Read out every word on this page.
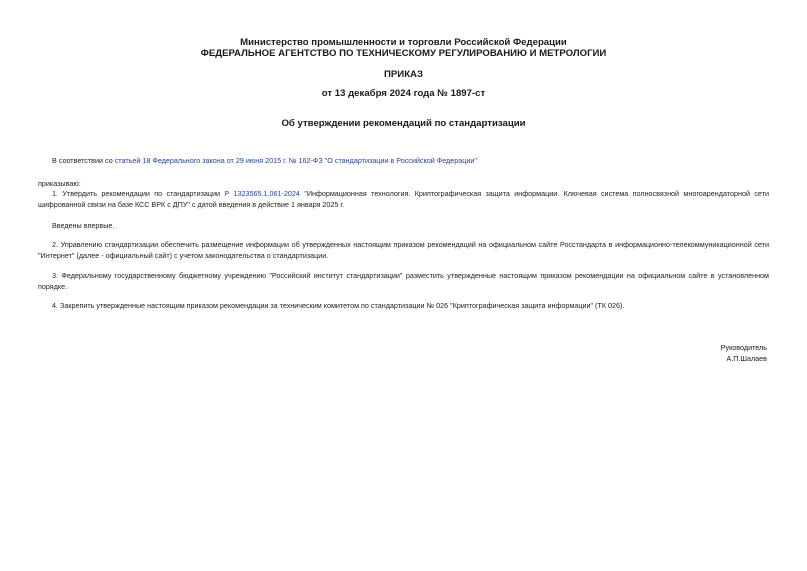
Министерство промышленности и торговли Российской Федерации
ФЕДЕРАЛЬНОЕ АГЕНТСТВО ПО ТЕХНИЧЕСКОМУ РЕГУЛИРОВАНИЮ И МЕТРОЛОГИИ
ПРИКАЗ
от 13 декабря 2024 года № 1897-ст
Об утверждении рекомендаций по стандартизации
В соответствии со статьей 18 Федерального закона от 29 июня 2015 г. № 162-ФЗ "О стандартизации в Российской Федерации"
приказываю:
1. Утвердить рекомендации по стандартизации Р 1323565.1.061-2024 "Информационная технология. Криптографическая защита информации. Ключевая система полносвязной многоарендаторной сети шифрованной связи на базе КСС ВРК с ДПУ" с датой введения в действие 1 января 2025 г.
Введены впервые.
2. Управлению стандартизации обеспечить размещение информации об утвержденных настоящим приказом рекомендаций на официальном сайте Росстандарта в информационно-телекоммуникационной сети "Интернет" (далее - официальный сайт) с учетом законодательства о стандартизации.
3. Федеральному государственному бюджетному учреждению "Российский институт стандартизации" разместить утвержденные настоящим приказом рекомендации на официальном сайте в установленном порядке.
4. Закрепить утвержденные настоящим приказом рекомендации за техническим комитетом по стандартизации № 026 "Криптографическая защита информации" (ТК 026).
Руководитель
А.П.Шалаев
